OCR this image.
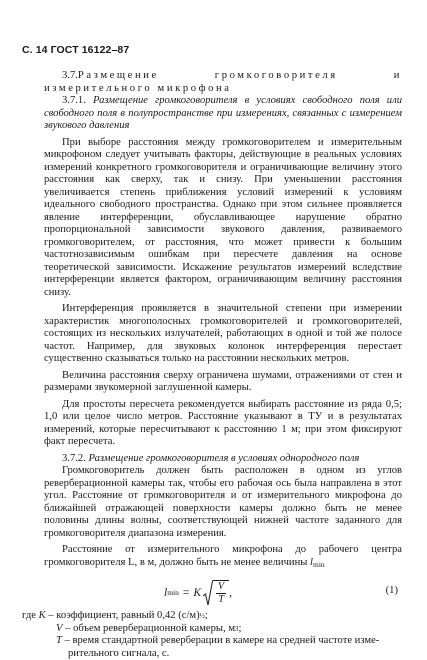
С. 14 ГОСТ 16122–87

3.7.Размещение громкоговорителя и измерительного микрофона

3.7.1. Размещение громкоговорителя в условиях свободного поля или свободного поля в полупространстве при измерениях, связанных с измерением звукового давления

При выборе расстояния между громкоговорителем и измерительным микрофоном следует учитывать факторы, действующие в реальных условиях измерений конкретного громкоговорителя и ограничивающие величину этого расстояния как сверху, так и снизу. При уменьшении расстояния увеличивается степень приближения условий измерений к условиям идеального свободного пространства. Однако при этом сильнее проявляется явление интерференции, обуславливающее нарушение обратно пропорциональной зависимости звукового давления, развиваемого громкоговорителем, от расстояния, что может привести к большим частотнозависимым ошибкам при пересчете давления на основе теоретической зависимости. Искажение результатов измерений вследствие интерференции является фактором, ограничивающим величину расстояния снизу.

Интерференция проявляется в значительной степени при измерении характеристик многополосных громкоговорителей и громкоговорителей, состоящих из нескольких излучателей, работающих в одной и той же полосе частот. Например, для звуковых колонок интерференция перестает существенно сказываться только на расстоянии нескольких метров.

Величина расстояния сверху ограничена шумами, отражениями от стен и размерами звукомерной заглушенной камеры.

Для простоты пересчета рекомендуется выбирать расстояние из ряда 0,5; 1,0 или целое число метров. Расстояние указывают в ТУ и в результатах измерений, которые пересчитывают к расстоянию 1 м; при этом фиксируют факт пересчета.

3.7.2. Размещение громкоговорителя в условиях однородного поля

Громкоговоритель должен быть расположен в одном из углов реверберационной камеры так, чтобы его рабочая ось была направлена в этот угол. Расстояние от громкоговорителя и от измерительного микрофона до ближайшей отражающей поверхности камеры должно быть не менее половины длины волны, соответствующей нижней частоте заданного для громкоговорителя диапазона измерения.

Расстояние от измерительного микрофона до рабочего центра громкоговорителя L, в м, должно быть не менее величины $l_{min}$

l min = K $\frac{V}{T}$ ,	(1)
где
K
– коэффициент, равный 0,42 (с/м) ½ ;
V
– объем реверберационной камеры, м 3 ;
T
– время стандартной реверберации в камере на средней частоте изме-
рительного сигнала, с.
